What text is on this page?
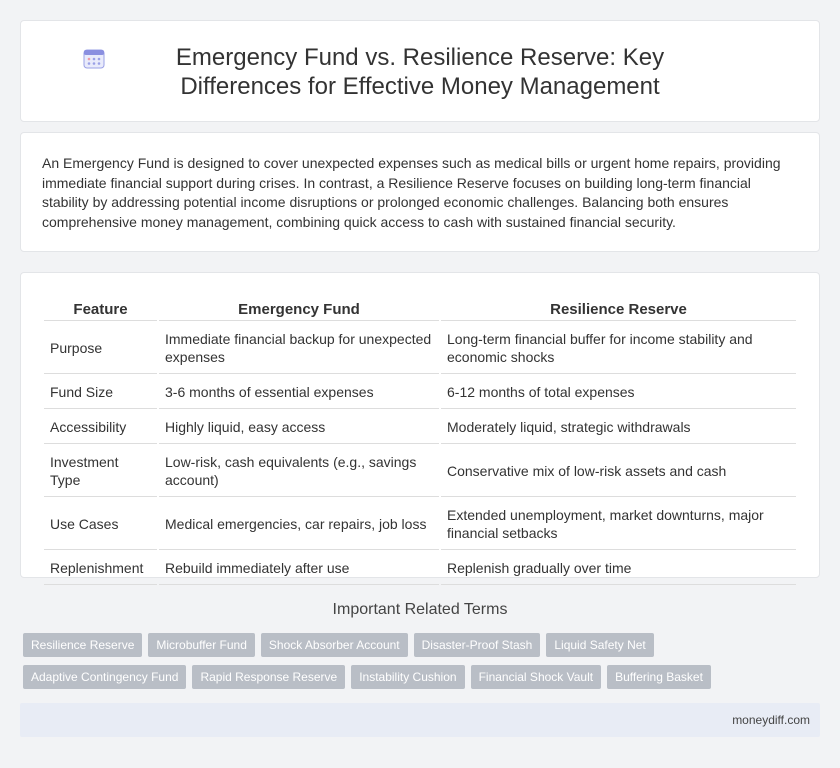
Emergency Fund vs. Resilience Reserve: Key Differences for Effective Money Management

An Emergency Fund is designed to cover unexpected expenses such as medical bills or urgent home repairs, providing immediate financial support during crises. In contrast, a Resilience Reserve focuses on building long-term financial stability by addressing potential income disruptions or prolonged economic challenges. Balancing both ensures comprehensive money management, combining quick access to cash with sustained financial security.

Feature	Emergency Fund	Resilience Reserve
Purpose	Immediate financial backup for unexpected expenses	Long-term financial buffer for income stability and economic shocks
Fund Size	3-6 months of essential expenses	6-12 months of total expenses
Accessibility	Highly liquid, easy access	Moderately liquid, strategic withdrawals
Investment Type	Low-risk, cash equivalents (e.g., savings account)	Conservative mix of low-risk assets and cash
Use Cases	Medical emergencies, car repairs, job loss	Extended unemployment, market downturns, major financial setbacks
Replenishment	Rebuild immediately after use	Replenish gradually over time
Important Related Terms
Resilience Reserve	Microbuffer Fund	Shock Absorber Account	Disaster-Proof Stash	Liquid Safety Net
Adaptive Contingency Fund	Rapid Response Reserve	Instability Cushion	Financial Shock Vault	Buffering Basket
moneydiff.com
